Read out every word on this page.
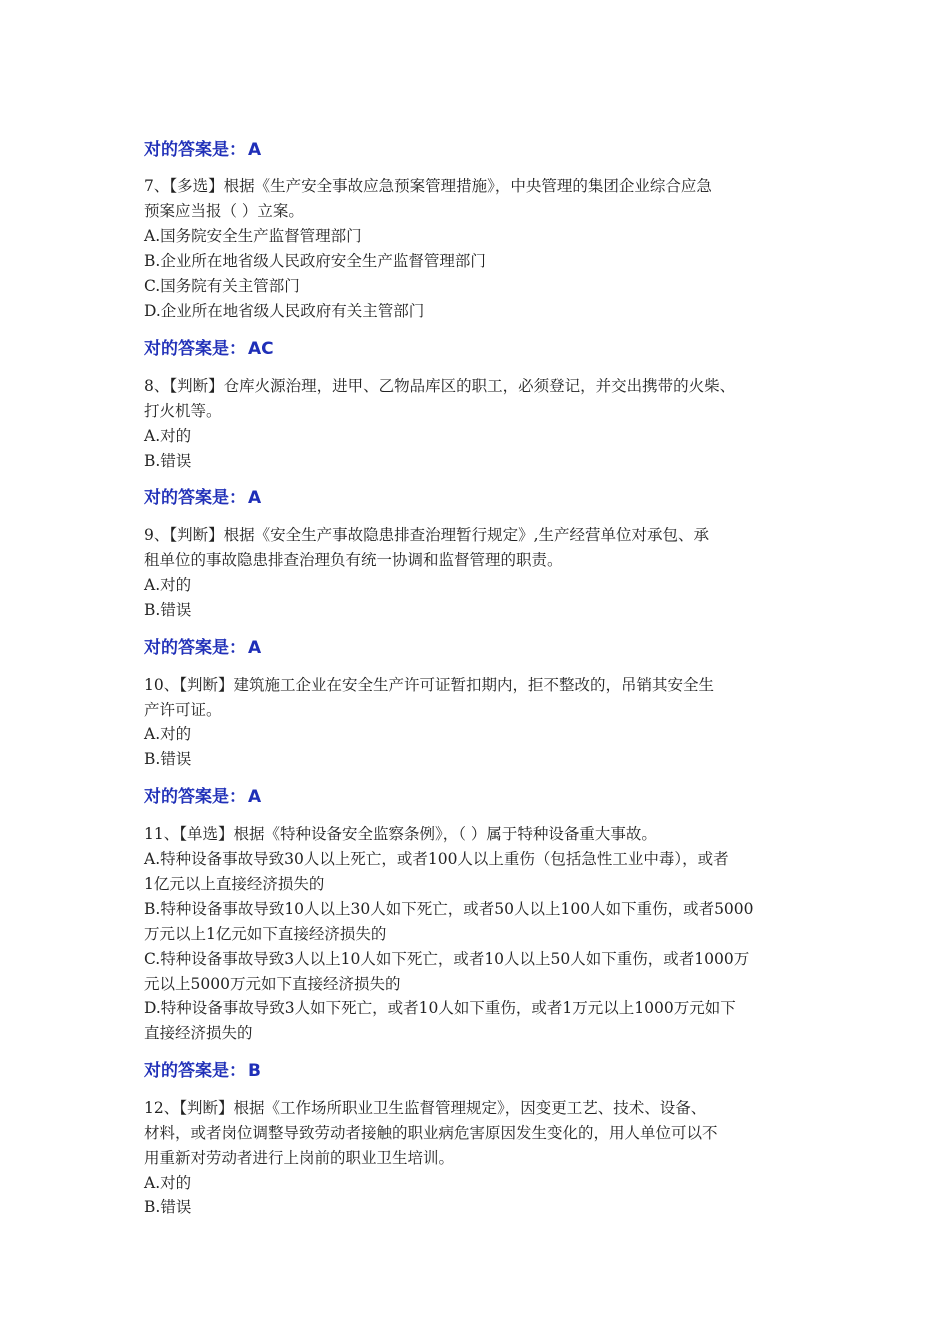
对的答案是： A
7、【多选】根据《生产安全事故应急预案管理措施》，中央管理的集团企业综合应急
预案应当报（ ）立案。
A.国务院安全生产监督管理部门
B.企业所在地省级人民政府安全生产监督管理部门
C.国务院有关主管部门
D.企业所在地省级人民政府有关主管部门
对的答案是： AC
8、【判断】仓库火源治理，进甲、乙物品库区的职工，必须登记，并交出携带的火柴、
打火机等。
A.对的
B.错误
对的答案是： A
9、【判断】根据《安全生产事故隐患排查治理暂行规定》,生产经营单位对承包、承
租单位的事故隐患排查治理负有统一协调和监督管理的职责。
A.对的
B.错误
对的答案是： A
10、【判断】建筑施工企业在安全生产许可证暂扣期内，拒不整改的，吊销其安全生
产许可证。
A.对的
B.错误
对的答案是： A
11、【单选】根据《特种设备安全监察条例》，（ ）属于特种设备重大事故。
A.特种设备事故导致30人以上死亡，或者100人以上重伤（包括急性工业中毒），或者
1亿元以上直接经济损失的
B.特种设备事故导致10人以上30人如下死亡，或者50人以上100人如下重伤，或者5000
万元以上1亿元如下直接经济损失的
C.特种设备事故导致3人以上10人如下死亡，或者10人以上50人如下重伤，或者1000万
元以上5000万元如下直接经济损失的
D.特种设备事故导致3人如下死亡，或者10人如下重伤，或者1万元以上1000万元如下
直接经济损失的
对的答案是： B
12、【判断】根据《工作场所职业卫生监督管理规定》，因变更工艺、技术、设备、
材料，或者岗位调整导致劳动者接触的职业病危害原因发生变化的，用人单位可以不
用重新对劳动者进行上岗前的职业卫生培训。
A.对的
B.错误
